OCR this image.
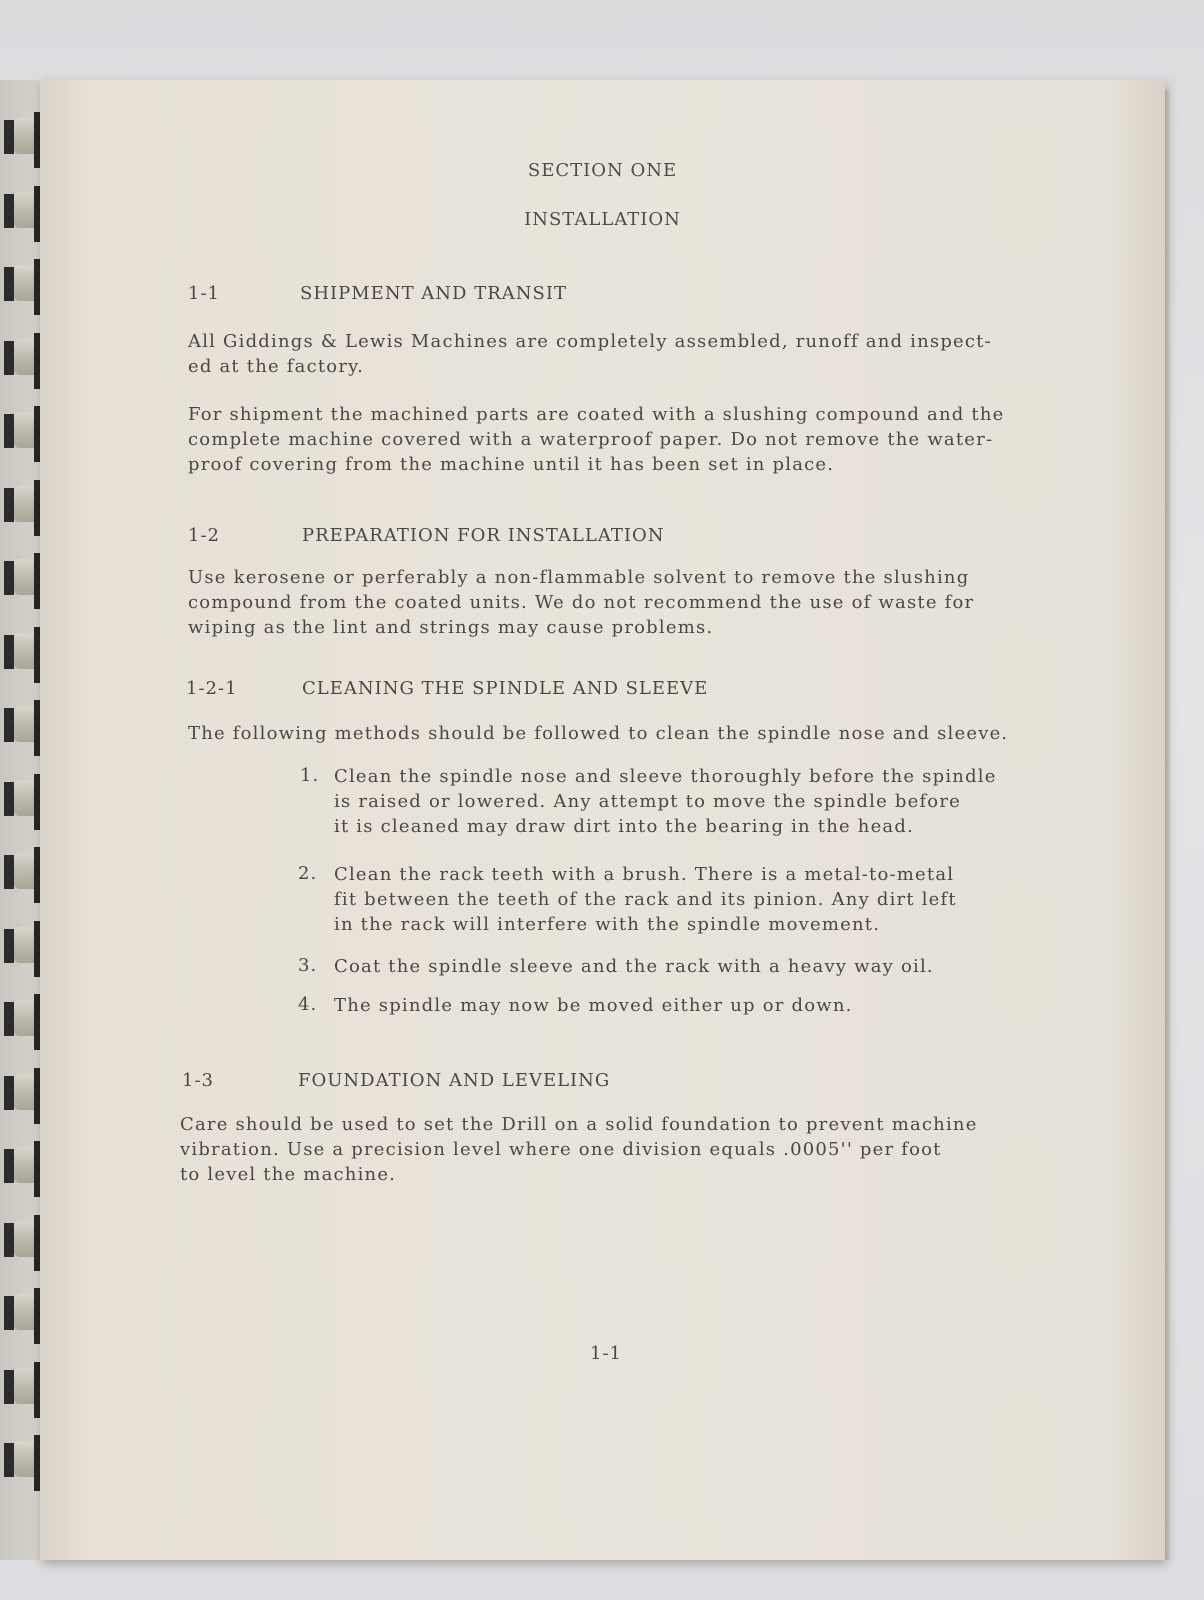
SECTION ONE
INSTALLATION
1-1	SHIPMENT AND TRANSIT

All Giddings & Lewis Machines are completely assembled, runoff and inspect-
ed at the factory.

For shipment the machined parts are coated with a slushing compound and the
complete machine covered with a waterproof paper. Do not remove the water-
proof covering from the machine until it has been set in place.

1-2	PREPARATION FOR INSTALLATION

Use kerosene or perferably a non-flammable solvent to remove the slushing
compound from the coated units. We do not recommend the use of waste for
wiping as the lint and strings may cause problems.

1-2-1	CLEANING THE SPINDLE AND SLEEVE

The following methods should be followed to clean the spindle nose and sleeve.

1. Clean the spindle nose and sleeve thoroughly before the spindle
is raised or lowered. Any attempt to move the spindle before
it is cleaned may draw dirt into the bearing in the head.

2. Clean the rack teeth with a brush. There is a metal-to-metal
fit between the teeth of the rack and its pinion. Any dirt left
in the rack will interfere with the spindle movement.

3. Coat the spindle sleeve and the rack with a heavy way oil.

4. The spindle may now be moved either up or down.

1-3	FOUNDATION AND LEVELING

Care should be used to set the Drill on a solid foundation to prevent machine
vibration. Use a precision level where one division equals .0005'' per foot
to level the machine.

1-1
